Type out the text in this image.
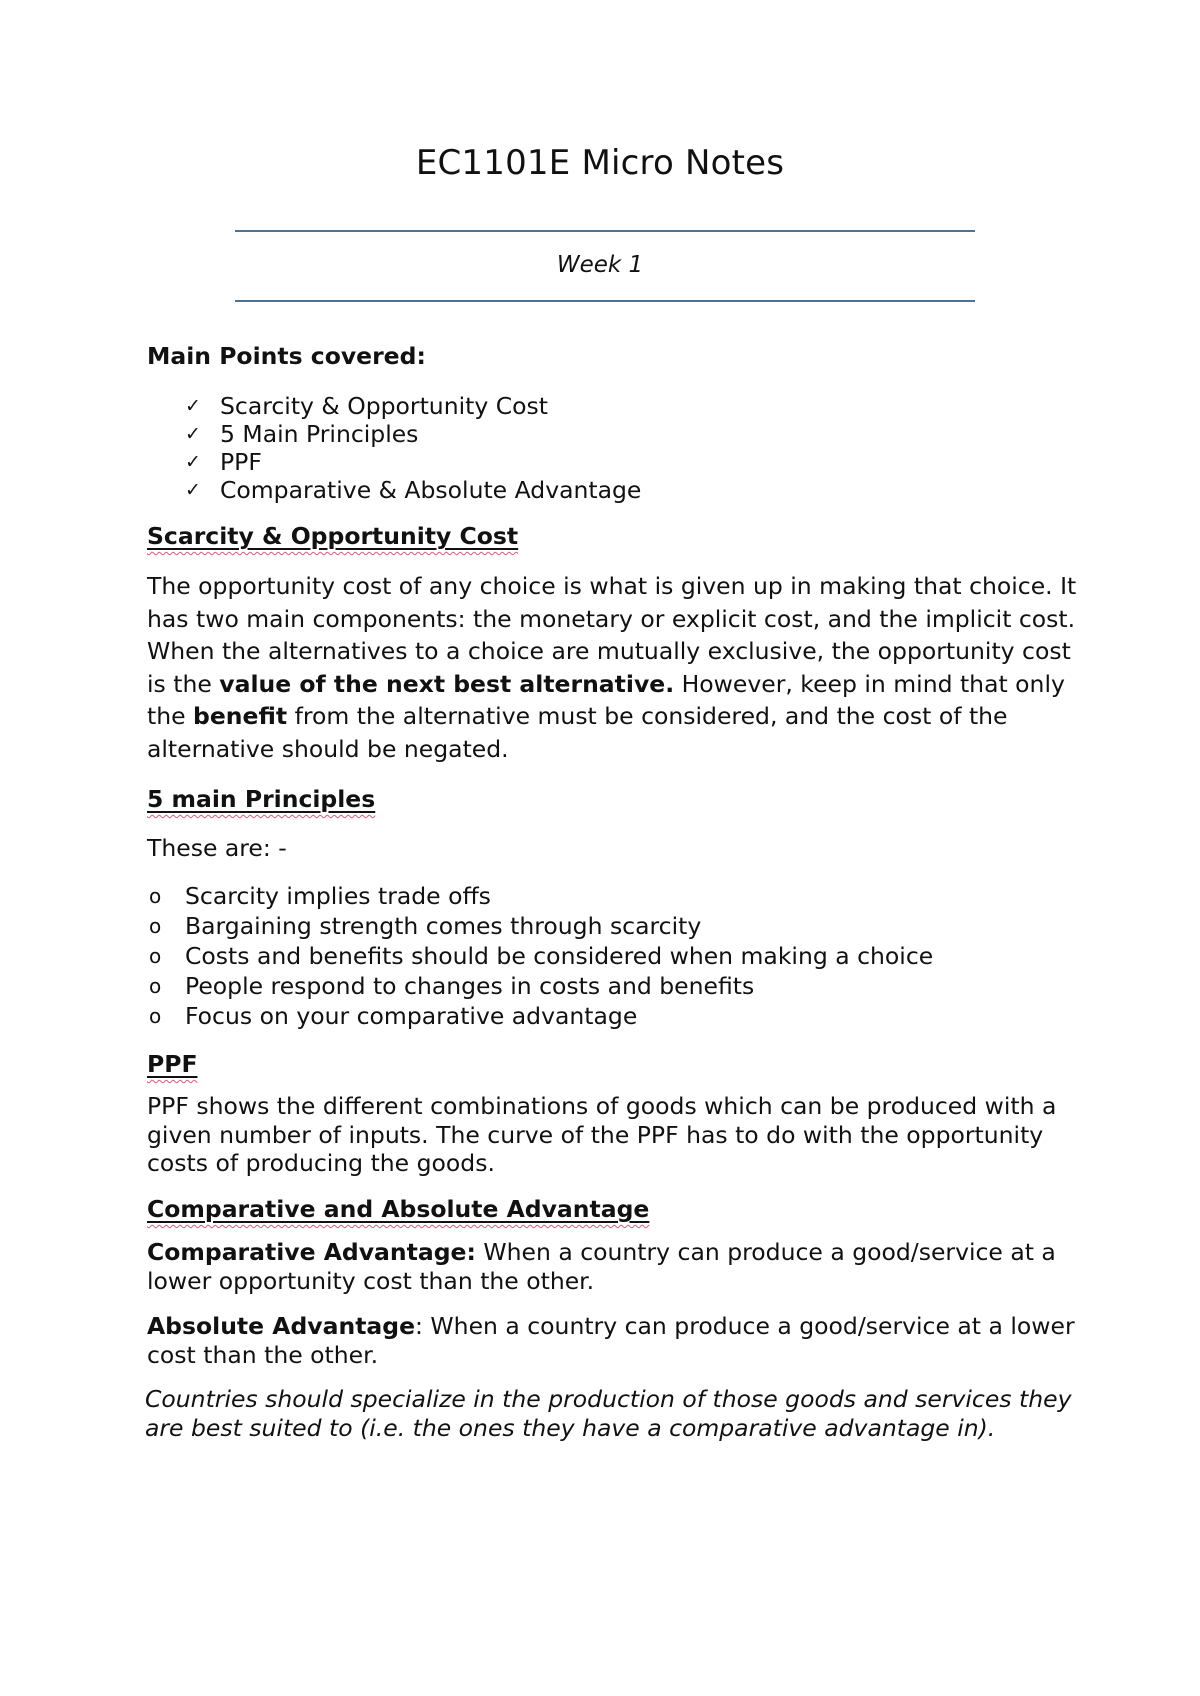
EC1101E Micro Notes
Week 1
Main Points covered:
✓ Scarcity & Opportunity Cost
✓ 5 Main Principles
✓ PPF
✓ Comparative & Absolute Advantage
Scarcity & Opportunity Cost

The opportunity cost of any choice is what is given up in making that choice. It has two main components: the monetary or explicit cost, and the implicit cost. When the alternatives to a choice are mutually exclusive, the opportunity cost is the value of the next best alternative. However, keep in mind that only the benefit from the alternative must be considered, and the cost of the alternative should be negated.

5 main Principles
These are: -
o	Scarcity implies trade offs
o	Bargaining strength comes through scarcity
o	Costs and benefits should be considered when making a choice
o	People respond to changes in costs and benefits
o	Focus on your comparative advantage
PPF

PPF shows the different combinations of goods which can be produced with a given number of inputs. The curve of the PPF has to do with the opportunity costs of producing the goods.

Comparative and Absolute Advantage

Comparative Advantage: When a country can produce a good/service at a lower opportunity cost than the other.

Absolute Advantage: When a country can produce a good/service at a lower cost than the other.

Countries should specialize in the production of those goods and services they are best suited to (i.e. the ones they have a comparative advantage in).
